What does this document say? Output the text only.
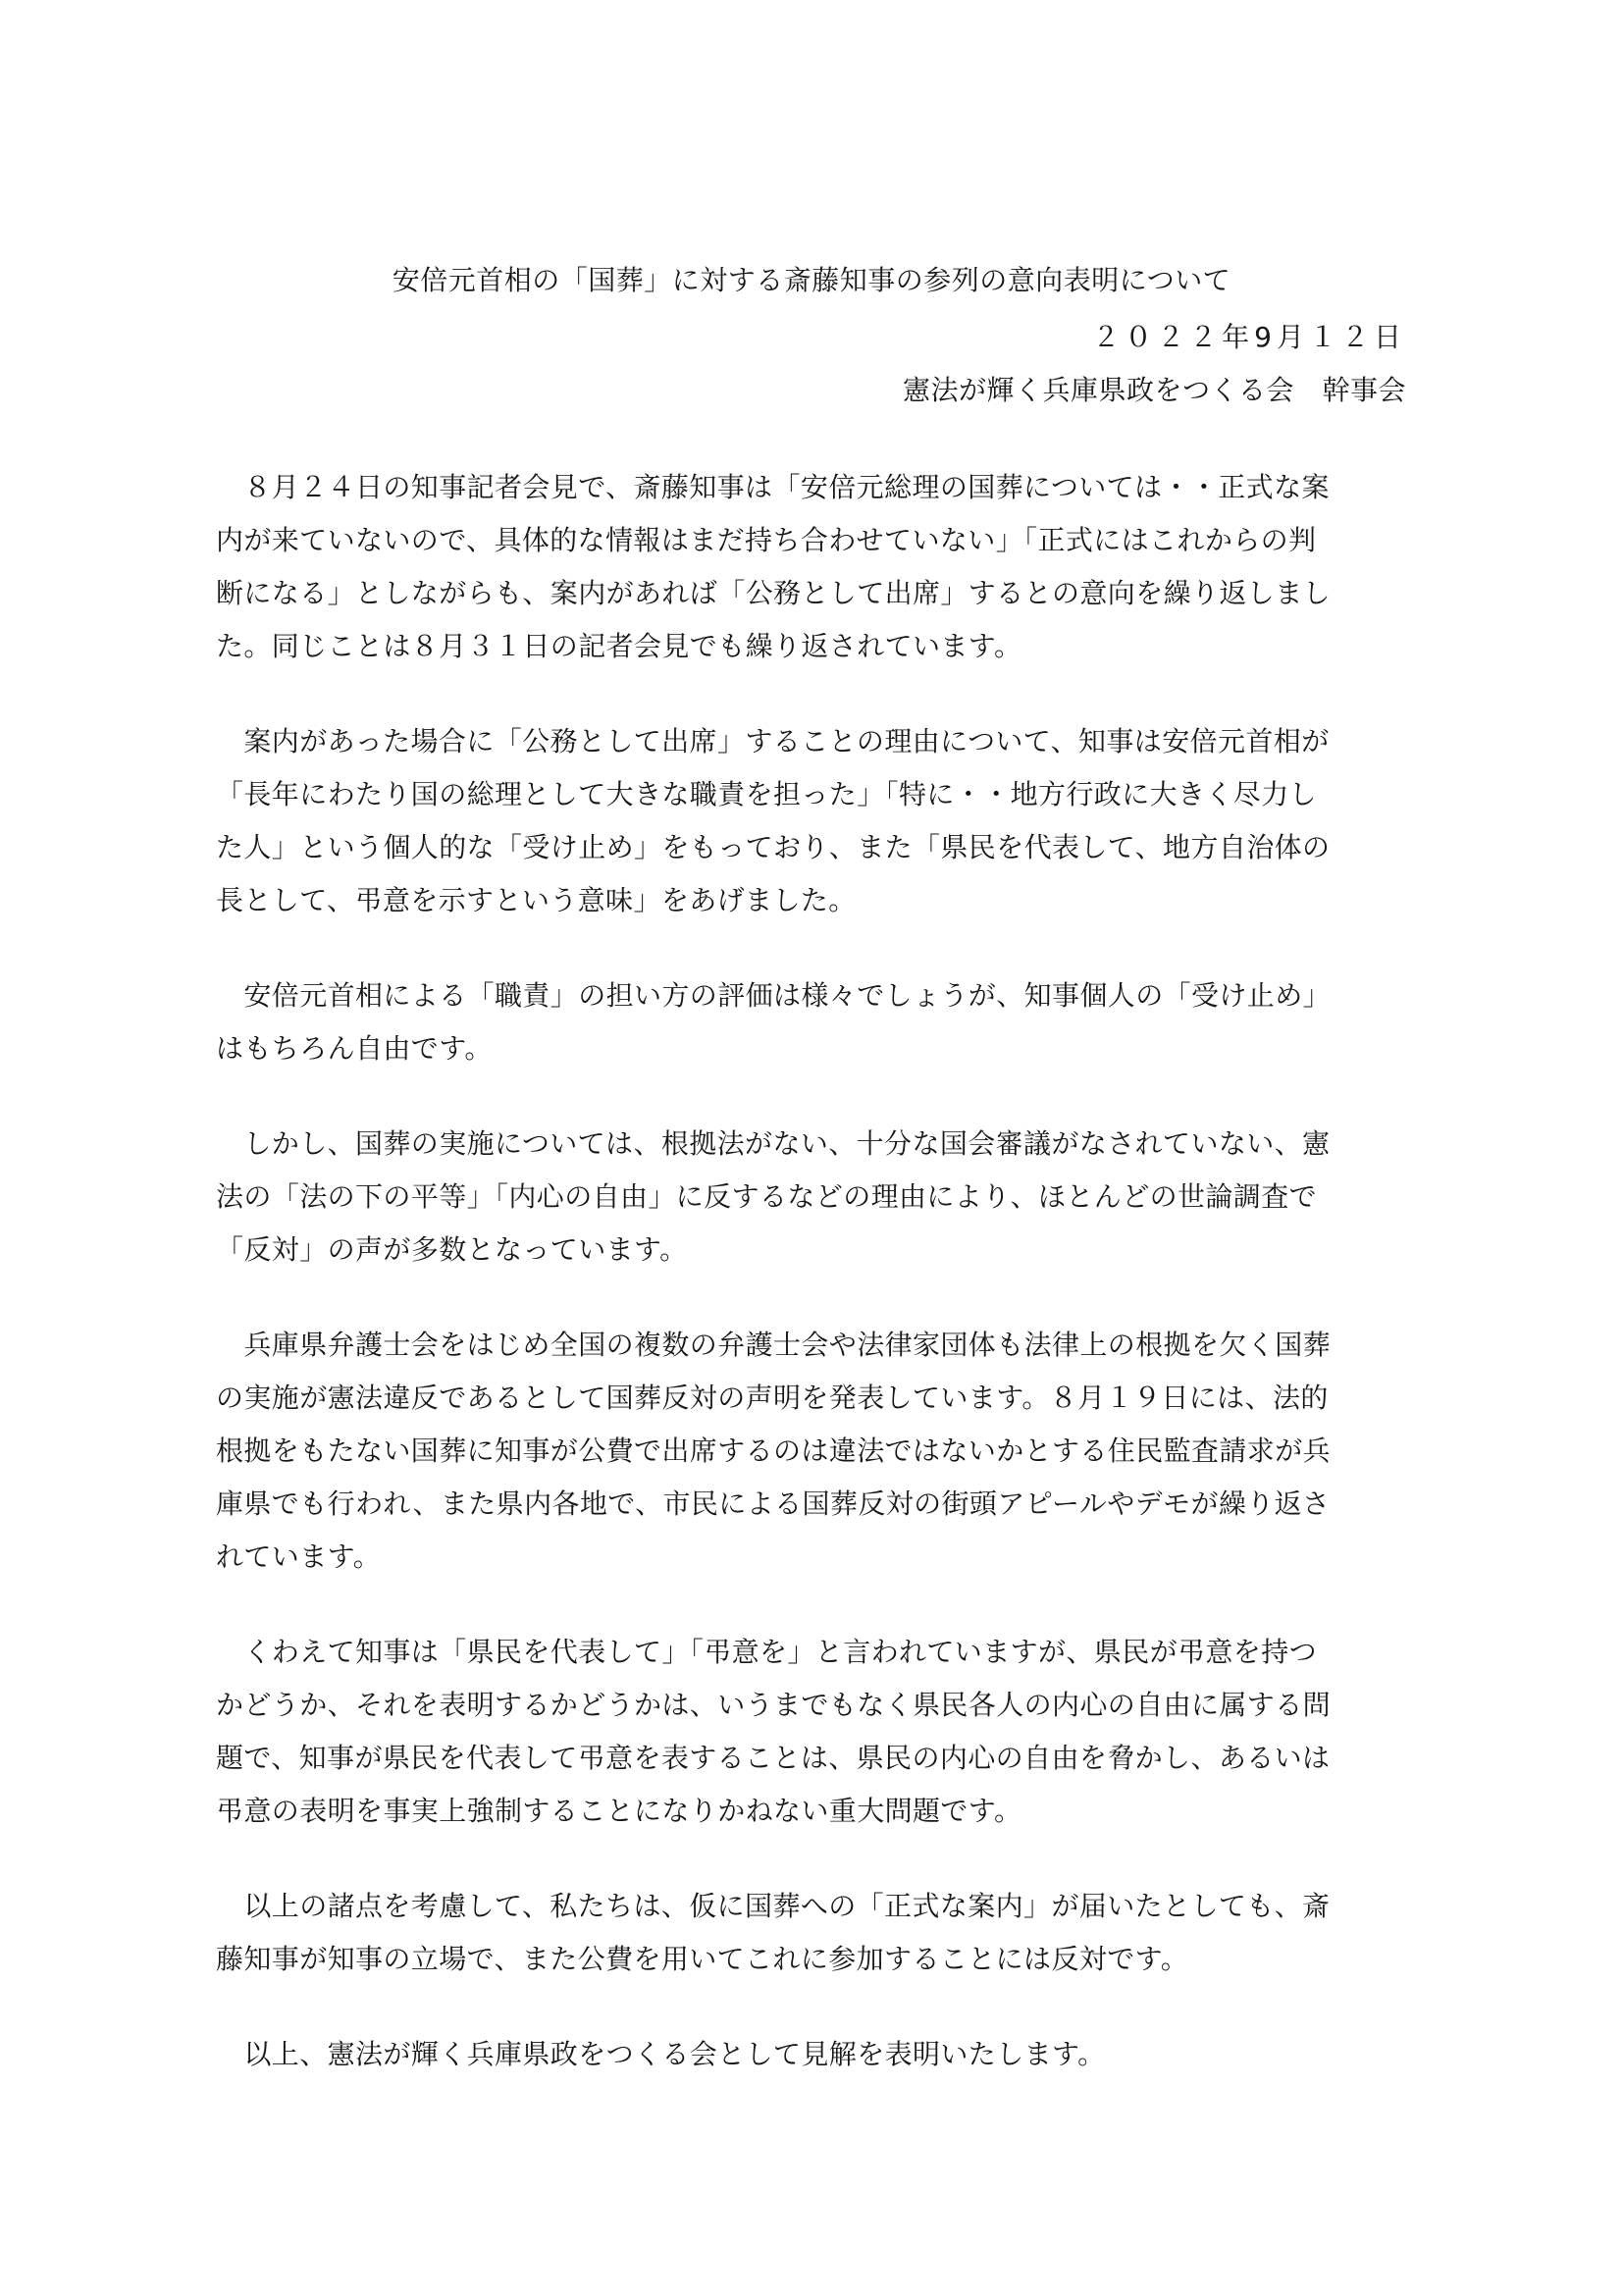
安倍元首相の「国葬」に対する斎藤知事の参列の意向表明について
２０２２年9月１２日
憲法が輝く兵庫県政をつくる会　幹事会

　８月２４日の知事記者会見で、斎藤知事は「安倍元総理の国葬については・・正式な案
内が来ていないので、具体的な情報はまだ持ち合わせていない」「正式にはこれからの判
断になる」としながらも、案内があれば「公務として出席」するとの意向を繰り返しまし
た。同じことは８月３１日の記者会見でも繰り返されています。

　案内があった場合に「公務として出席」することの理由について、知事は安倍元首相が
「長年にわたり国の総理として大きな職責を担った」「特に・・地方行政に大きく尽力し
た人」という個人的な「受け止め」をもっており、また「県民を代表して、地方自治体の
長として、弔意を示すという意味」をあげました。

　安倍元首相による「職責」の担い方の評価は様々でしょうが、知事個人の「受け止め」
はもちろん自由です。

　しかし、国葬の実施については、根拠法がない、十分な国会審議がなされていない、憲
法の「法の下の平等」「内心の自由」に反するなどの理由により、ほとんどの世論調査で
「反対」の声が多数となっています。

　兵庫県弁護士会をはじめ全国の複数の弁護士会や法律家団体も法律上の根拠を欠く国葬
の実施が憲法違反であるとして国葬反対の声明を発表しています。８月１９日には、法的
根拠をもたない国葬に知事が公費で出席するのは違法ではないかとする住民監査請求が兵
庫県でも行われ、また県内各地で、市民による国葬反対の街頭アピールやデモが繰り返さ
れています。

　くわえて知事は「県民を代表して」「弔意を」と言われていますが、県民が弔意を持つ
かどうか、それを表明するかどうかは、いうまでもなく県民各人の内心の自由に属する問
題で、知事が県民を代表して弔意を表することは、県民の内心の自由を脅かし、あるいは
弔意の表明を事実上強制することになりかねない重大問題です。

　以上の諸点を考慮して、私たちは、仮に国葬への「正式な案内」が届いたとしても、斎
藤知事が知事の立場で、また公費を用いてこれに参加することには反対です。

　以上、憲法が輝く兵庫県政をつくる会として見解を表明いたします。
